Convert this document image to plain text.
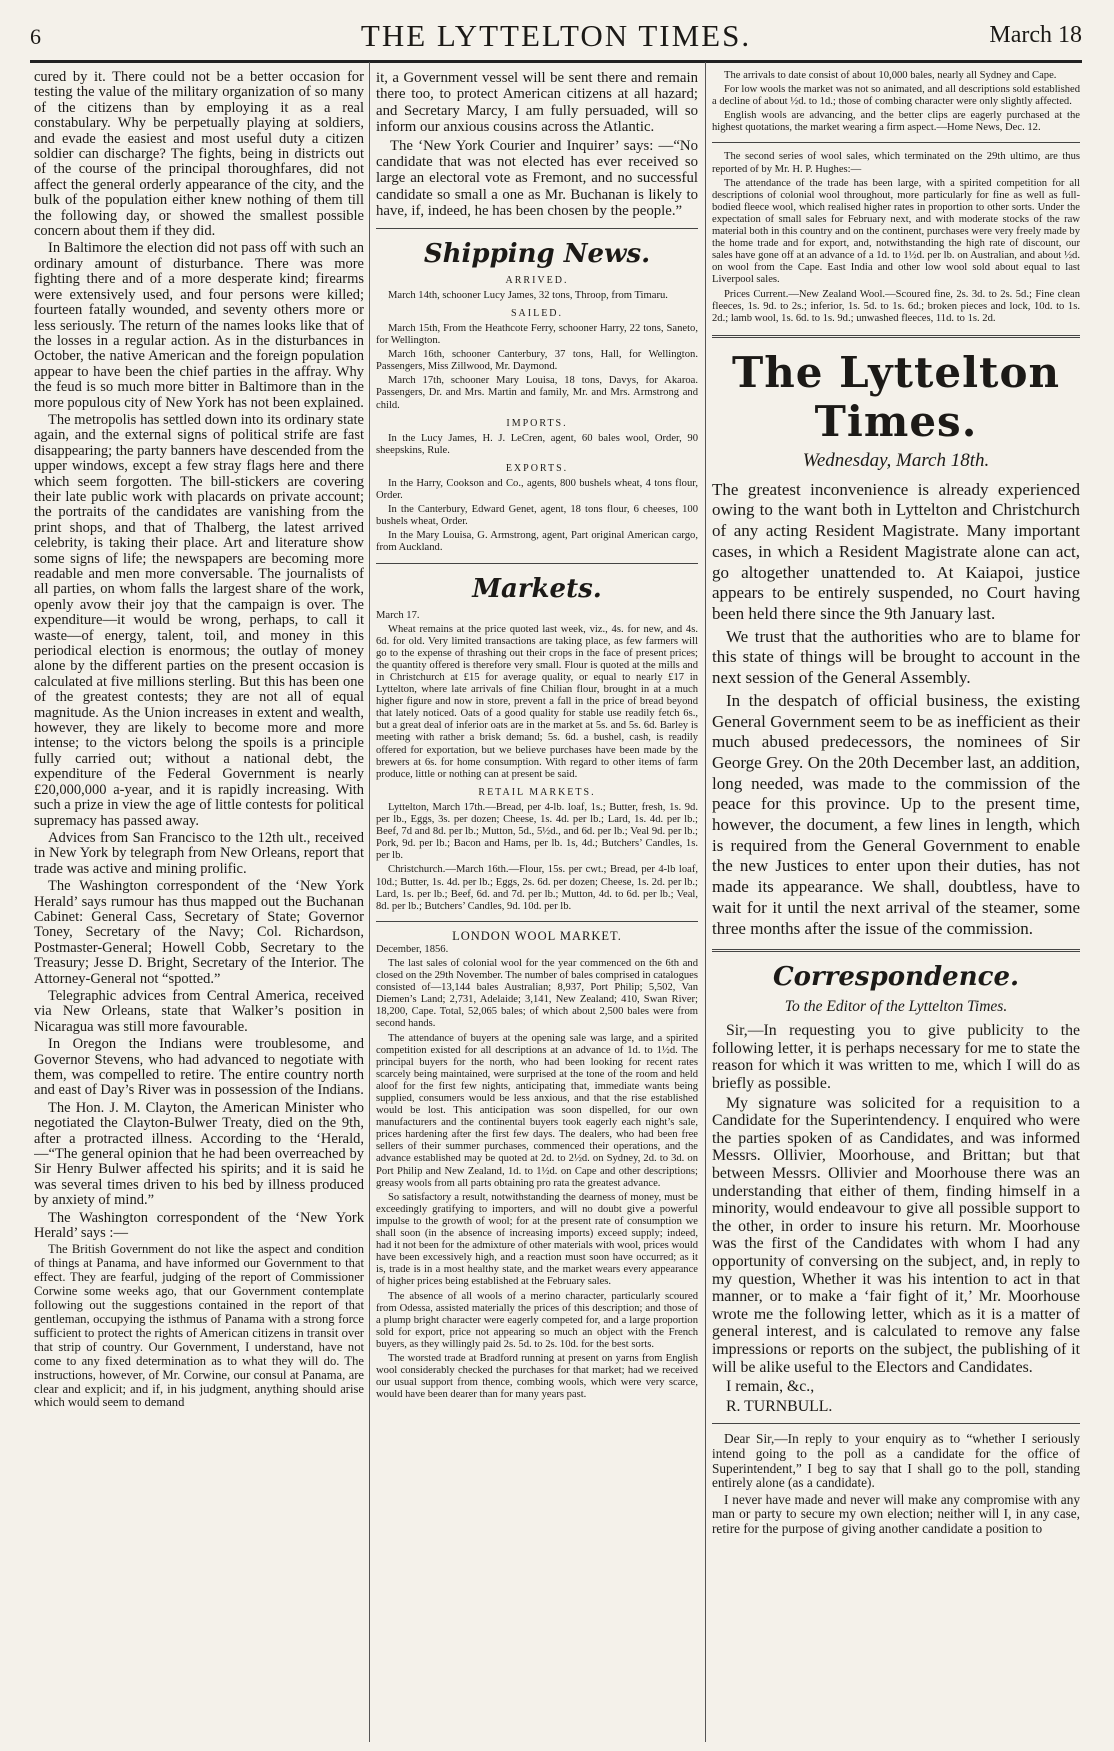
6	THE LYTTELTON TIMES.	March 18

cured by it. There could not be a better occasion for testing the value of the military organization of so many of the citizens than by employing it as a real constabulary. Why be perpetually playing at soldiers, and evade the easiest and most useful duty a citizen soldier can discharge? The fights, being in districts out of the course of the principal thoroughfares, did not affect the general orderly appearance of the city, and the bulk of the population either knew nothing of them till the following day, or showed the smallest possible concern about them if they did.

In Baltimore the election did not pass off with such an ordinary amount of disturbance. There was more fighting there and of a more desperate kind; firearms were extensively used, and four persons were killed; fourteen fatally wounded, and seventy others more or less seriously. The return of the names looks like that of the losses in a regular action. As in the disturbances in October, the native American and the foreign population appear to have been the chief parties in the affray. Why the feud is so much more bitter in Baltimore than in the more populous city of New York has not been explained.

The metropolis has settled down into its ordinary state again, and the external signs of political strife are fast disappearing; the party banners have descended from the upper windows, except a few stray flags here and there which seem forgotten. The bill-stickers are covering their late public work with placards on private account; the portraits of the candidates are vanishing from the print shops, and that of Thalberg, the latest arrived celebrity, is taking their place. Art and literature show some signs of life; the newspapers are becoming more readable and men more conversable. The journalists of all parties, on whom falls the largest share of the work, openly avow their joy that the campaign is over. The expenditure—it would be wrong, perhaps, to call it waste—of energy, talent, toil, and money in this periodical election is enormous; the outlay of money alone by the different parties on the present occasion is calculated at five millions sterling. But this has been one of the greatest contests; they are not all of equal magnitude. As the Union increases in extent and wealth, however, they are likely to become more and more intense; to the victors belong the spoils is a principle fully carried out; without a national debt, the expenditure of the Federal Government is nearly £20,000,000 a-year, and it is rapidly increasing. With such a prize in view the age of little contests for political supremacy has passed away.

Advices from San Francisco to the 12th ult., received in New York by telegraph from New Orleans, report that trade was active and mining prolific.

The Washington correspondent of the ‘New York Herald’ says rumour has thus mapped out the Buchanan Cabinet: General Cass, Secretary of State; Governor Toney, Secretary of the Navy; Col. Richardson, Postmaster-General; Howell Cobb, Secretary to the Treasury; Jesse D. Bright, Secretary of the Interior. The Attorney-General not “spotted.”

Telegraphic advices from Central America, received via New Orleans, state that Walker’s position in Nicaragua was still more favourable.

In Oregon the Indians were troublesome, and Governor Stevens, who had advanced to negotiate with them, was compelled to retire. The entire country north and east of Day’s River was in possession of the Indians.

The Hon. J. M. Clayton, the American Minister who negotiated the Clayton-Bulwer Treaty, died on the 9th, after a protracted illness. According to the ‘Herald,—“The general opinion that he had been overreached by Sir Henry Bulwer affected his spirits; and it is said he was several times driven to his bed by illness produced by anxiety of mind.”

The Washington correspondent of the ‘New York Herald’ says :—

The British Government do not like the aspect and condition of things at Panama, and have informed our Government to that effect. They are fearful, judging of the report of Commissioner Corwine some weeks ago, that our Government contemplate following out the suggestions contained in the report of that gentleman, occupying the isthmus of Panama with a strong force sufficient to protect the rights of American citizens in transit over that strip of country. Our Government, I understand, have not come to any fixed determination as to what they will do. The instructions, however, of Mr. Corwine, our consul at Panama, are clear and explicit; and if, in his judgment, anything should arise which would seem to demand

it, a Government vessel will be sent there and remain there too, to protect American citizens at all hazard; and Secretary Marcy, I am fully persuaded, will so inform our anxious cousins across the Atlantic.

The ‘New York Courier and Inquirer’ says: —“No candidate that was not elected has ever received so large an electoral vote as Fremont, and no successful candidate so small a one as Mr. Buchanan is likely to have, if, indeed, he has been chosen by the people.”

Shipping News.
ARRIVED.

March 14th, schooner Lucy James, 32 tons, Throop, from Timaru.

SAILED.

March 15th, From the Heathcote Ferry, schooner Harry, 22 tons, Saneto, for Wellington.

March 16th, schooner Canterbury, 37 tons, Hall, for Wellington. Passengers, Miss Zillwood, Mr. Daymond.

March 17th, schooner Mary Louisa, 18 tons, Davys, for Akaroa. Passengers, Dr. and Mrs. Martin and family, Mr. and Mrs. Armstrong and child.

IMPORTS.

In the Lucy James, H. J. LeCren, agent, 60 bales wool, Order, 90 sheepskins, Rule.

EXPORTS.

In the Harry, Cookson and Co., agents, 800 bushels wheat, 4 tons flour, Order.

In the Canterbury, Edward Genet, agent, 18 tons flour, 6 cheeses, 100 bushels wheat, Order.

In the Mary Louisa, G. Armstrong, agent, Part original American cargo, from Auckland.

Markets.

March 17.

Wheat remains at the price quoted last week, viz., 4s. for new, and 4s. 6d. for old. Very limited transactions are taking place, as few farmers will go to the expense of thrashing out their crops in the face of present prices; the quantity offered is therefore very small. Flour is quoted at the mills and in Christchurch at £15 for average quality, or equal to nearly £17 in Lyttelton, where late arrivals of fine Chilian flour, brought in at a much higher figure and now in store, prevent a fall in the price of bread beyond that lately noticed. Oats of a good quality for stable use readily fetch 6s., but a great deal of inferior oats are in the market at 5s. and 5s. 6d. Barley is meeting with rather a brisk demand; 5s. 6d. a bushel, cash, is readily offered for exportation, but we believe purchases have been made by the brewers at 6s. for home consumption. With regard to other items of farm produce, little or nothing can at present be said.

RETAIL MARKETS.

Lyttelton, March 17th.—Bread, per 4-lb. loaf, 1s.; Butter, fresh, 1s. 9d. per lb., Eggs, 3s. per dozen; Cheese, 1s. 4d. per lb.; Lard, 1s. 4d. per lb.; Beef, 7d and 8d. per lb.; Mutton, 5d., 5½d., and 6d. per lb.; Veal 9d. per lb.; Pork, 9d. per lb.; Bacon and Hams, per lb. 1s, 4d.; Butchers’ Candles, 1s. per lb.

Christchurch.—March 16th.—Flour, 15s. per cwt.; Bread, per 4-lb loaf, 10d.; Butter, 1s. 4d. per lb.; Eggs, 2s. 6d. per dozen; Cheese, 1s. 2d. per lb.; Lard, 1s. per lb.; Beef, 6d. and 7d. per lb.; Mutton, 4d. to 6d. per lb.; Veal, 8d. per lb.; Butchers’ Candles, 9d. 10d. per lb.

LONDON WOOL MARKET.

December, 1856.

The last sales of colonial wool for the year commenced on the 6th and closed on the 29th November. The number of bales comprised in catalogues consisted of—13,144 bales Australian; 8,937, Port Philip; 5,502, Van Diemen’s Land; 2,731, Adelaide; 3,141, New Zealand; 410, Swan River; 18,200, Cape. Total, 52,065 bales; of which about 2,500 bales were from second hands.

The attendance of buyers at the opening sale was large, and a spirited competition existed for all descriptions at an advance of 1d. to 1½d. The principal buyers for the north, who had been looking for recent rates scarcely being maintained, were surprised at the tone of the room and held aloof for the first few nights, anticipating that, immediate wants being supplied, consumers would be less anxious, and that the rise established would be lost. This anticipation was soon dispelled, for our own manufacturers and the continental buyers took eagerly each night’s sale, prices hardening after the first few days. The dealers, who had been free sellers of their summer purchases, commenced their operations, and the advance established may be quoted at 2d. to 2½d. on Sydney, 2d. to 3d. on Port Philip and New Zealand, 1d. to 1½d. on Cape and other descriptions; greasy wools from all parts obtaining pro rata the greatest advance.

So satisfactory a result, notwithstanding the dearness of money, must be exceedingly gratifying to importers, and will no doubt give a powerful impulse to the growth of wool; for at the present rate of consumption we shall soon (in the absence of increasing imports) exceed supply; indeed, had it not been for the admixture of other materials with wool, prices would have been excessively high, and a reaction must soon have occurred; as it is, trade is in a most healthy state, and the market wears every appearance of higher prices being established at the February sales.

The absence of all wools of a merino character, particularly scoured from Odessa, assisted materially the prices of this description; and those of a plump bright character were eagerly competed for, and a large proportion sold for export, price not appearing so much an object with the French buyers, as they willingly paid 2s. 5d. to 2s. 10d. for the best sorts.

The worsted trade at Bradford running at present on yarns from English wool considerably checked the purchases for that market; had we received our usual support from thence, combing wools, which were very scarce, would have been dearer than for many years past.

The arrivals to date consist of about 10,000 bales, nearly all Sydney and Cape.

For low wools the market was not so animated, and all descriptions sold established a decline of about ½d. to 1d.; those of combing character were only slightly affected.

English wools are advancing, and the better clips are eagerly purchased at the highest quotations, the market wearing a firm aspect.—Home News, Dec. 12.

The second series of wool sales, which terminated on the 29th ultimo, are thus reported of by Mr. H. P. Hughes:—

The attendance of the trade has been large, with a spirited competition for all descriptions of colonial wool throughout, more particularly for fine as well as full-bodied fleece wool, which realised higher rates in proportion to other sorts. Under the expectation of small sales for February next, and with moderate stocks of the raw material both in this country and on the continent, purchases were very freely made by the home trade and for export, and, notwithstanding the high rate of discount, our sales have gone off at an advance of a 1d. to 1½d. per lb. on Australian, and about ½d. on wool from the Cape. East India and other low wool sold about equal to last Liverpool sales.

Prices Current.—New Zealand Wool.—Scoured fine, 2s. 3d. to 2s. 5d.; Fine clean fleeces, 1s. 9d. to 2s.; inferior, 1s. 5d. to 1s. 6d.; broken pieces and lock, 10d. to 1s. 2d.; lamb wool, 1s. 6d. to 1s. 9d.; unwashed fleeces, 11d. to 1s. 2d.

The Lyttelton Times.
Wednesday, March 18th.

The greatest inconvenience is already experienced owing to the want both in Lyttelton and Christchurch of any acting Resident Magistrate. Many important cases, in which a Resident Magistrate alone can act, go altogether unattended to. At Kaiapoi, justice appears to be entirely suspended, no Court having been held there since the 9th January last.

We trust that the authorities who are to blame for this state of things will be brought to account in the next session of the General Assembly.

In the despatch of official business, the existing General Government seem to be as inefficient as their much abused predecessors, the nominees of Sir George Grey. On the 20th December last, an addition, long needed, was made to the commission of the peace for this province. Up to the present time, however, the document, a few lines in length, which is required from the General Government to enable the new Justices to enter upon their duties, has not made its appearance. We shall, doubtless, have to wait for it until the next arrival of the steamer, some three months after the issue of the commission.

Correspondence.
To the Editor of the Lyttelton Times.

Sir,—In requesting you to give publicity to the following letter, it is perhaps necessary for me to state the reason for which it was written to me, which I will do as briefly as possible.

My signature was solicited for a requisition to a Candidate for the Superintendency. I enquired who were the parties spoken of as Candidates, and was informed Messrs. Ollivier, Moorhouse, and Brittan; but that between Messrs. Ollivier and Moorhouse there was an understanding that either of them, finding himself in a minority, would endeavour to give all possible support to the other, in order to insure his return. Mr. Moorhouse was the first of the Candidates with whom I had any opportunity of conversing on the subject, and, in reply to my question, Whether it was his intention to act in that manner, or to make a ‘fair fight of it,’ Mr. Moorhouse wrote me the following letter, which as it is a matter of general interest, and is calculated to remove any false impressions or reports on the subject, the publishing of it will be alike useful to the Electors and Candidates.

I remain, &c.,

R. TURNBULL.

Dear Sir,—In reply to your enquiry as to “whether I seriously intend going to the poll as a candidate for the office of Superintendent,” I beg to say that I shall go to the poll, standing entirely alone (as a candidate).

I never have made and never will make any compromise with any man or party to secure my own election; neither will I, in any case, retire for the purpose of giving another candidate a position to
